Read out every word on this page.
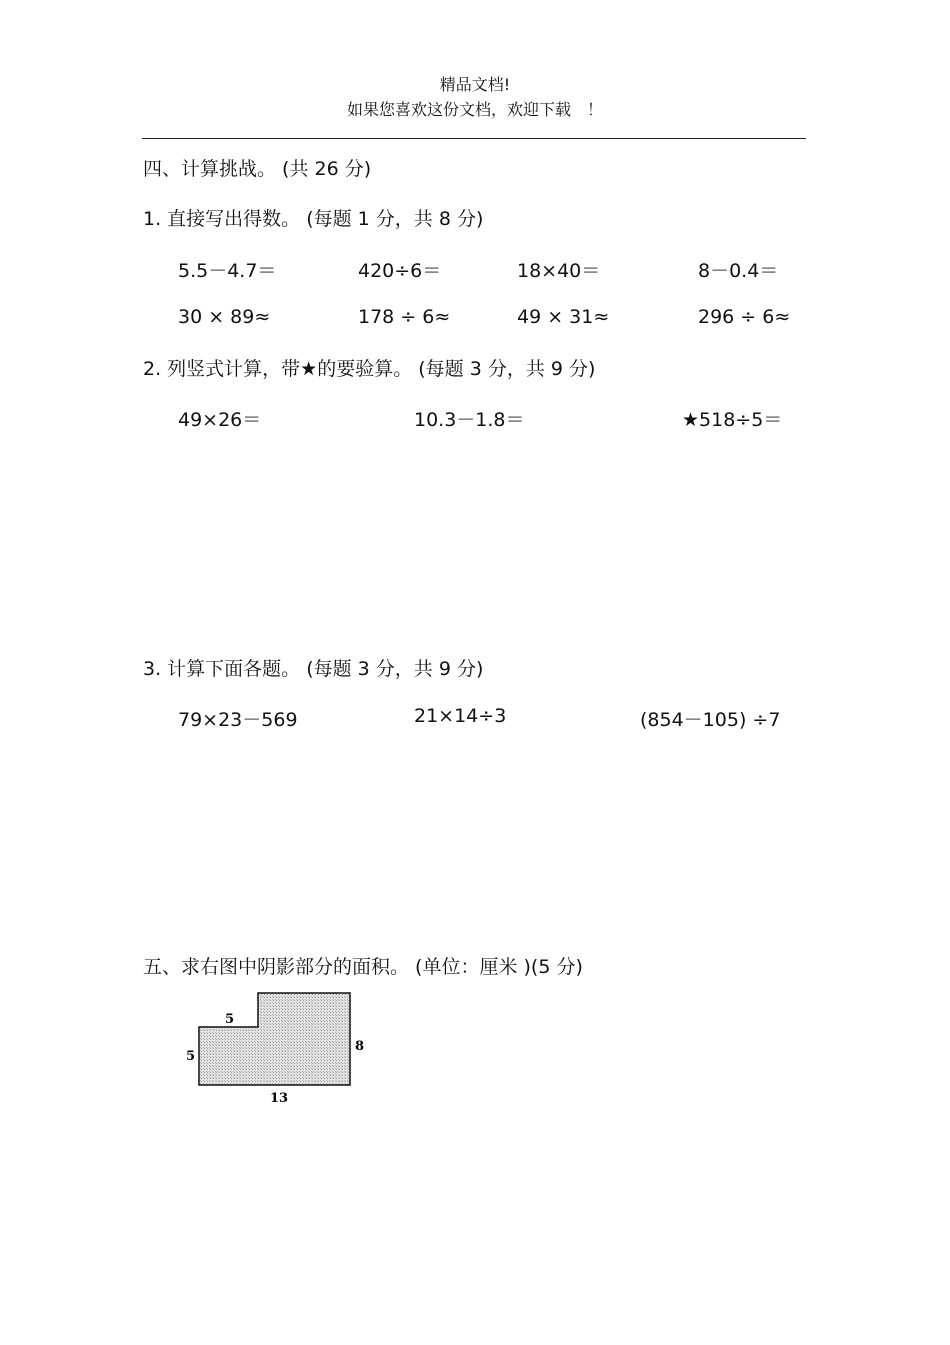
精品文档!
如果您喜欢这份文档，欢迎下载　！
四、计算挑战。 (共 26 分)
1. 直接写出得数。 (每题 1 分，共 8 分)
5.5－4.7＝	420÷6＝	18×40＝	8－0.4＝
30 × 89≈	178 ÷ 6≈	49 × 31≈	296 ÷ 6≈
2. 列竖式计算，带★的要验算。 (每题 3 分，共 9 分)
49×26＝	10.3－1.8＝	★518÷5＝
3. 计算下面各题。 (每题 3 分，共 9 分)
79×23－569	21×14÷3	(854－105) ÷7
五、求右图中阴影部分的面积。 (单位：厘米 )(5 分)
5
5
8
13
